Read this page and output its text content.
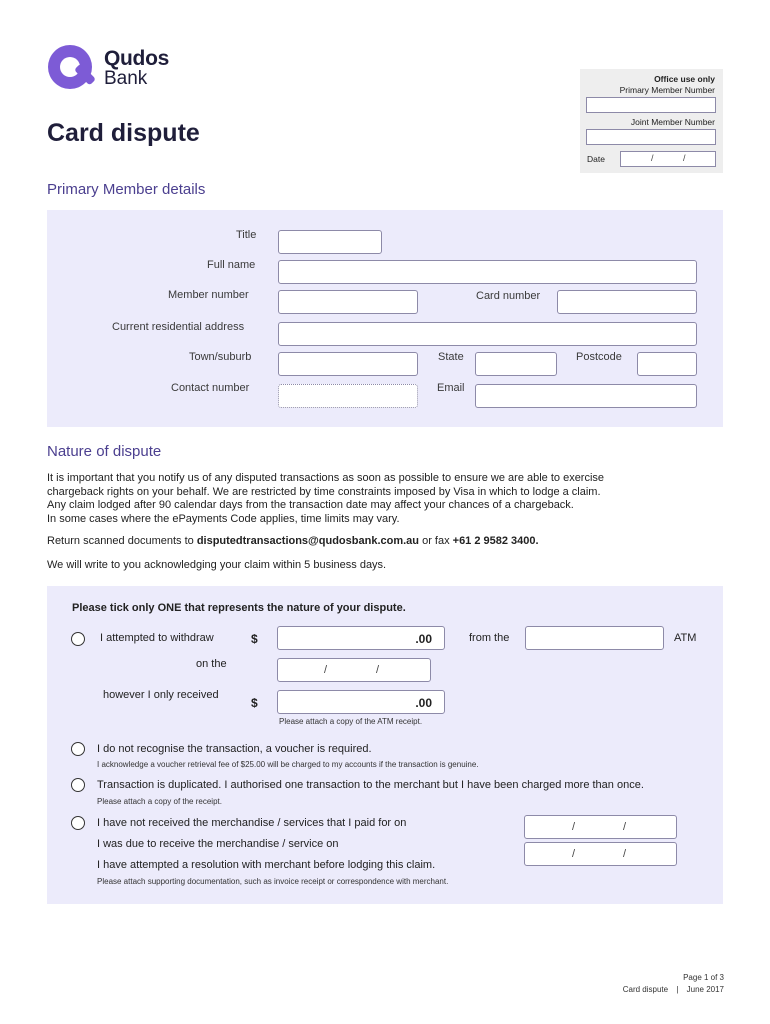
Qudos
Bank
Card dispute
Office use only
Primary Member Number
Joint Member Number
Date	/	/
Primary Member details
Title
Full name
Member number	Card number
Current residential address
Town/suburb	State	Postcode
Contact number	Email
Nature of dispute
It is important that you notify us of any disputed transactions as soon as possible to ensure we are able to exercise
chargeback rights on your behalf. We are restricted by time constraints imposed by Visa in which to lodge a claim.
Any claim lodged after 90 calendar days from the transaction date may affect your chances of a chargeback.
In some cases where the ePayments Code applies, time limits may vary.
Return scanned documents to disputedtransactions@qudosbank.com.au or fax +61 2 9582 3400.
We will write to you acknowledging your claim within 5 business days.
Please tick only ONE that represents the nature of your dispute.
I attempted to withdraw	$	.00	from the	ATM
on the	/	/
however I only received
$	.00
Please attach a copy of the ATM receipt.
I do not recognise the transaction, a voucher is required.
I acknowledge a voucher retrieval fee of $25.00 will be charged to my accounts if the transaction is genuine.
Transaction is duplicated. I authorised one transaction to the merchant but I have been charged more than once.
Please attach a copy of the receipt.
I have not received the merchandise / services that I paid for on	/	/
I was due to receive the merchandise / service on
/	/
I have attempted a resolution with merchant before lodging this claim.
Please attach supporting documentation, such as invoice receipt or correspondence with merchant.
Page 1 of 3
Card dispute | June 2017
